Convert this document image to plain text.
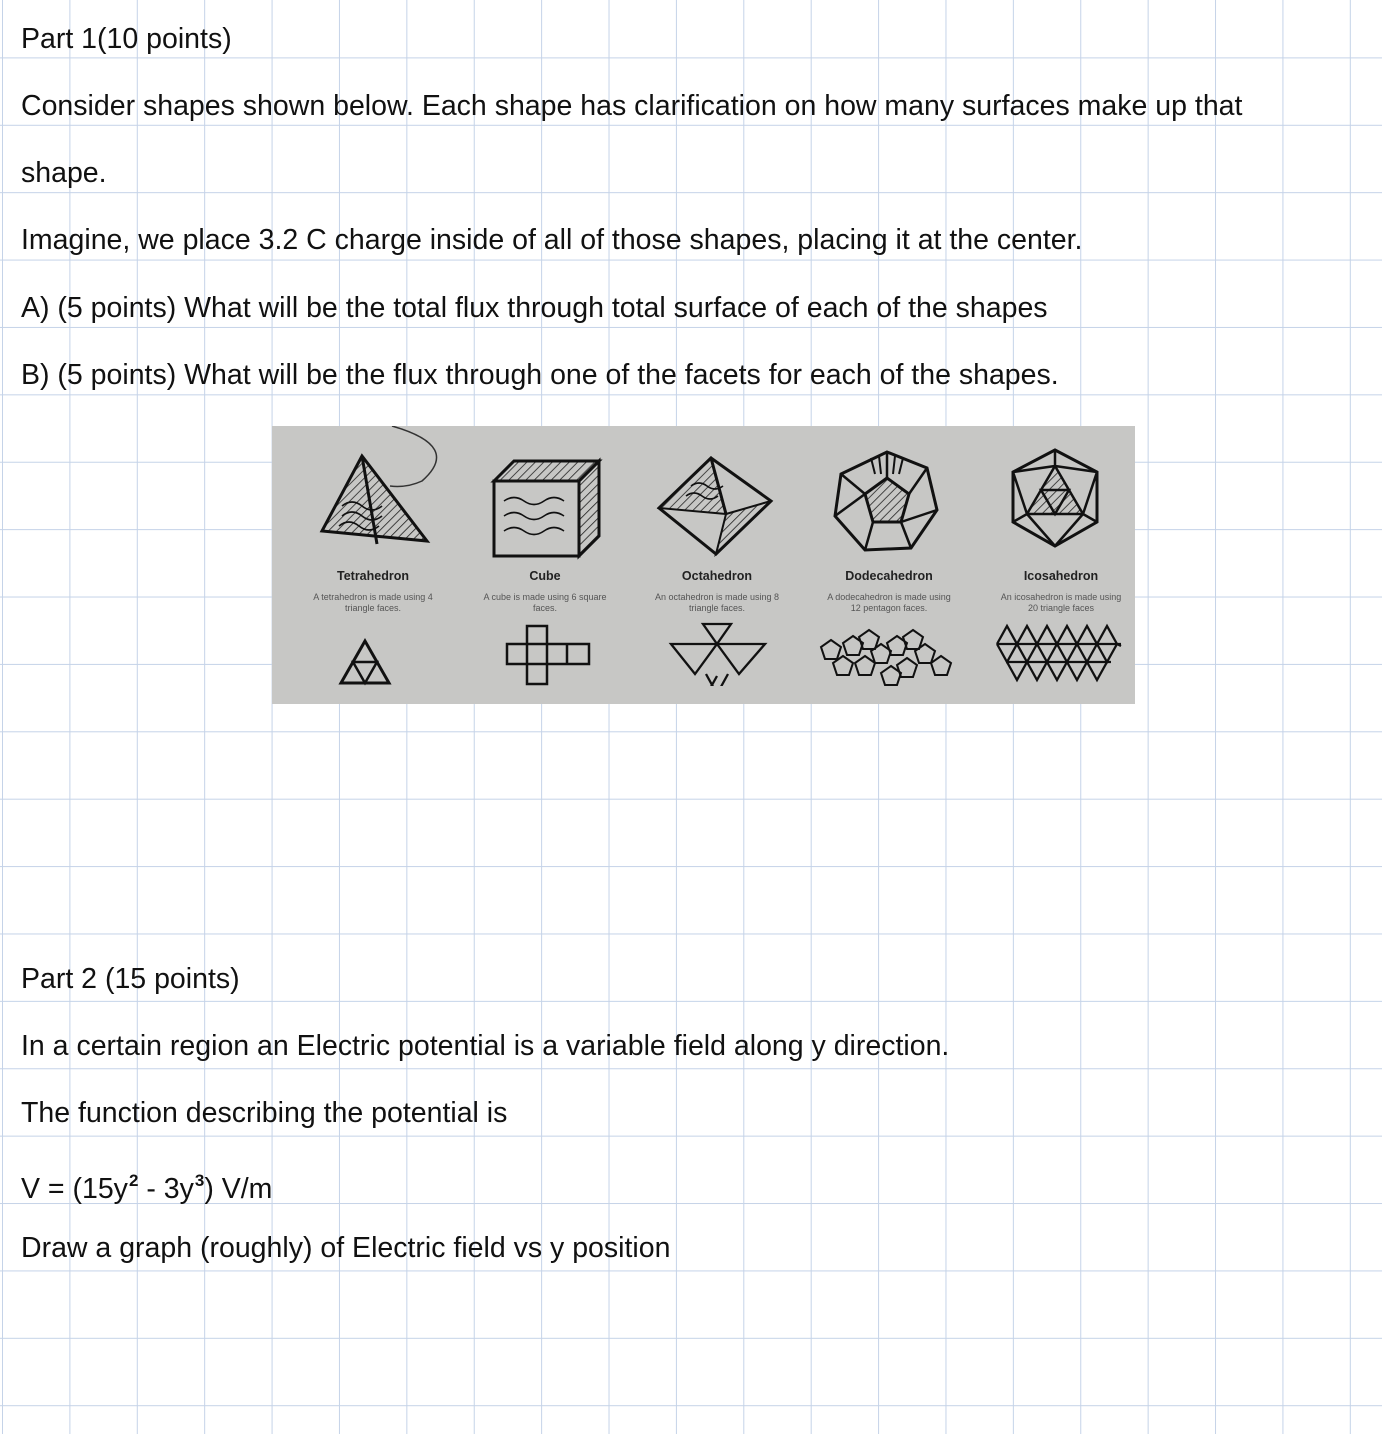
Part 1(10 points)

Consider shapes shown below. Each shape has clarification on how many surfaces make up that

shape.

Imagine, we place 3.2 C charge inside of all of those shapes, placing it at the center.

A) (5 points) What will be the total flux through total surface of each of the shapes

B) (5 points) What will be the flux through one of the facets for each of the shapes.

Tetrahedron
A tetrahedron is made using 4 triangle faces.
Cube
A cube is made using 6 square faces.
Octahedron
An octahedron is made using 8 triangle faces.
Dodecahedron
A dodecahedron is made using 12 pentagon faces.
Icosahedron
An icosahedron is made using 20 triangle faces

Part 2 (15 points)

In a certain region an Electric potential is a variable field along y direction.

The function describing the potential is

$V = (15y^2 - 3y^3)$ V/m

Draw a graph (roughly) of Electric field vs y position
